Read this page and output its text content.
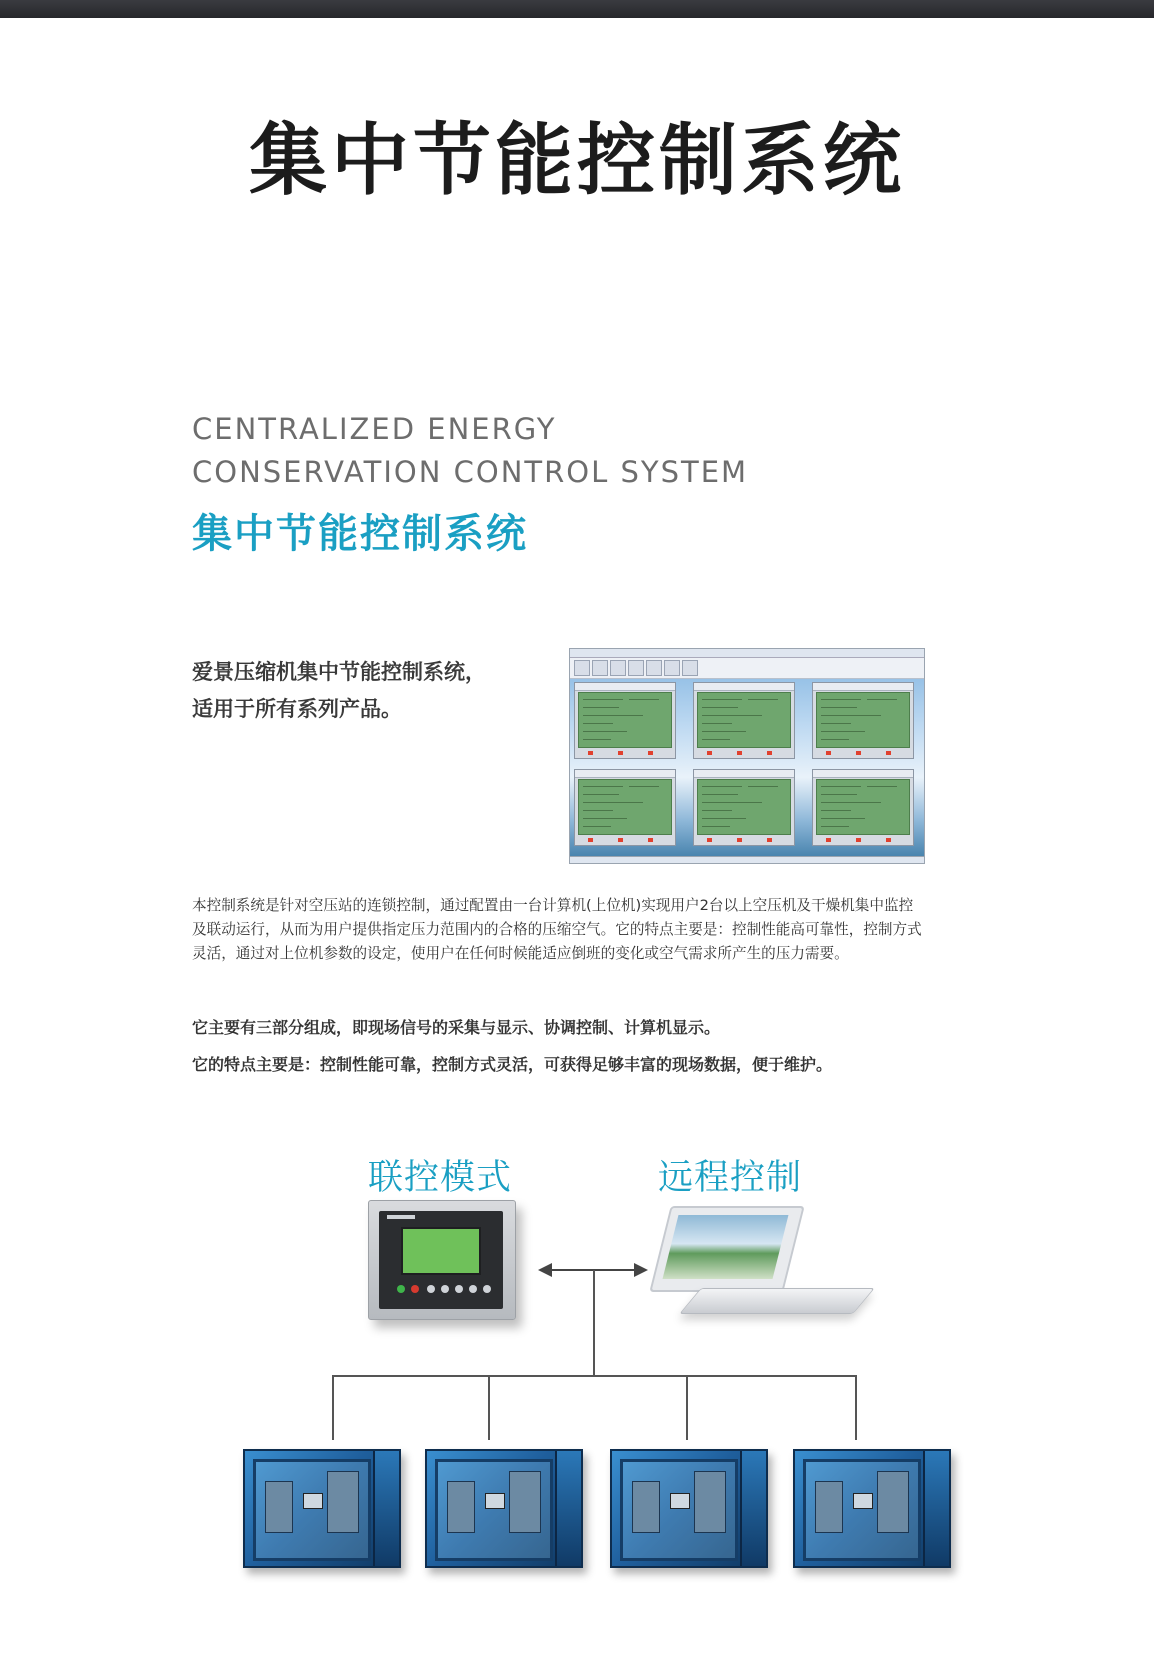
集中节能控制系统
CENTRALIZED ENERGY
CONSERVATION CONTROL SYSTEM
集中节能控制系统
爱景压缩机集中节能控制系统，
适用于所有系列产品。
本控制系统是针对空压站的连锁控制，通过配置由一台计算机(上位机)实现用户2台以上空压机及干燥机集中监控及联动运行，从而为用户提供指定压力范围内的合格的压缩空气。它的特点主要是：控制性能高可靠性，控制方式灵活，通过对上位机参数的设定，使用户在任何时候能适应倒班的变化或空气需求所产生的压力需要。
它主要有三部分组成，即现场信号的采集与显示、协调控制、计算机显示。
它的特点主要是：控制性能可靠，控制方式灵活，可获得足够丰富的现场数据，便于维护。
联控模式	远程控制
